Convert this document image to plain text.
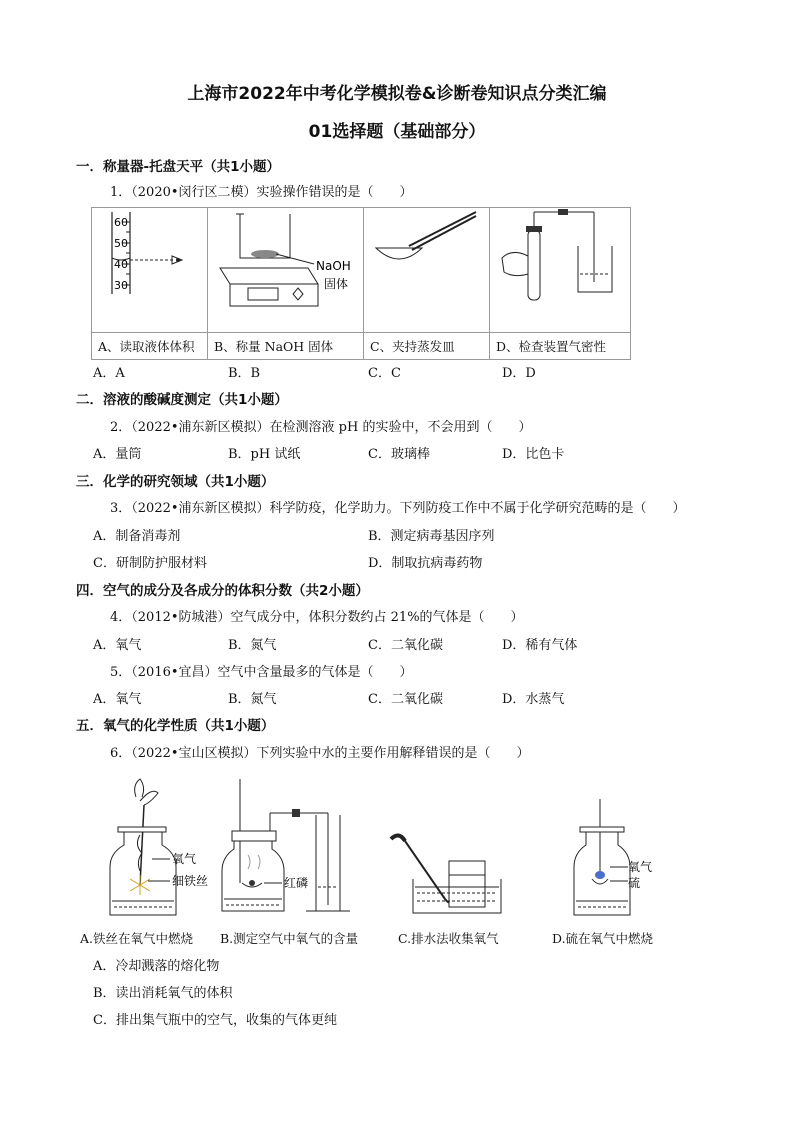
上海市2022年中考化学模拟卷&诊断卷知识点分类汇编
01选择题（基础部分）
一．称量器-托盘天平（共1小题）
1．（2020•闵行区二模）实验操作错误的是（　　）
60
50
40
30	NaOH
固体

A、读取液体体积	B、称量 NaOH 固体	C、夹持蒸发皿	D、检查装置气密性
A．A	B．B	C．C	D．D
二．溶液的酸碱度测定（共1小题）
2．（2022•浦东新区模拟）在检测溶液 pH 的实验中，不会用到（　　）
A．量筒	B．pH 试纸	C．玻璃棒	D．比色卡
三．化学的研究领域（共1小题）
3．（2022•浦东新区模拟）科学防疫，化学助力。下列防疫工作中不属于化学研究范畴的是（　　）
A．制备消毒剂	B．测定病毒基因序列
C．研制防护服材料	D．制取抗病毒药物
四．空气的成分及各成分的体积分数（共2小题）
4．（2012•防城港）空气成分中，体积分数约占 21%的气体是（　　）
A．氧气	B．氮气	C．二氧化碳	D．稀有气体
5．（2016•宜昌）空气中含量最多的气体是（　　）
A．氧气	B．氮气	C．二氧化碳	D．水蒸气
五．氧气的化学性质（共1小题）
6．（2022•宝山区模拟）下列实验中水的主要作用解释错误的是（　　）
氧气
细铁丝	红磷
氧气
硫
A.铁丝在氧气中燃烧 B.测定空气中氧气的含量	C.排水法收集氧气	D.硫在氧气中燃烧
A．冷却溅落的熔化物
B．读出消耗氧气的体积
C．排出集气瓶中的空气，收集的气体更纯
